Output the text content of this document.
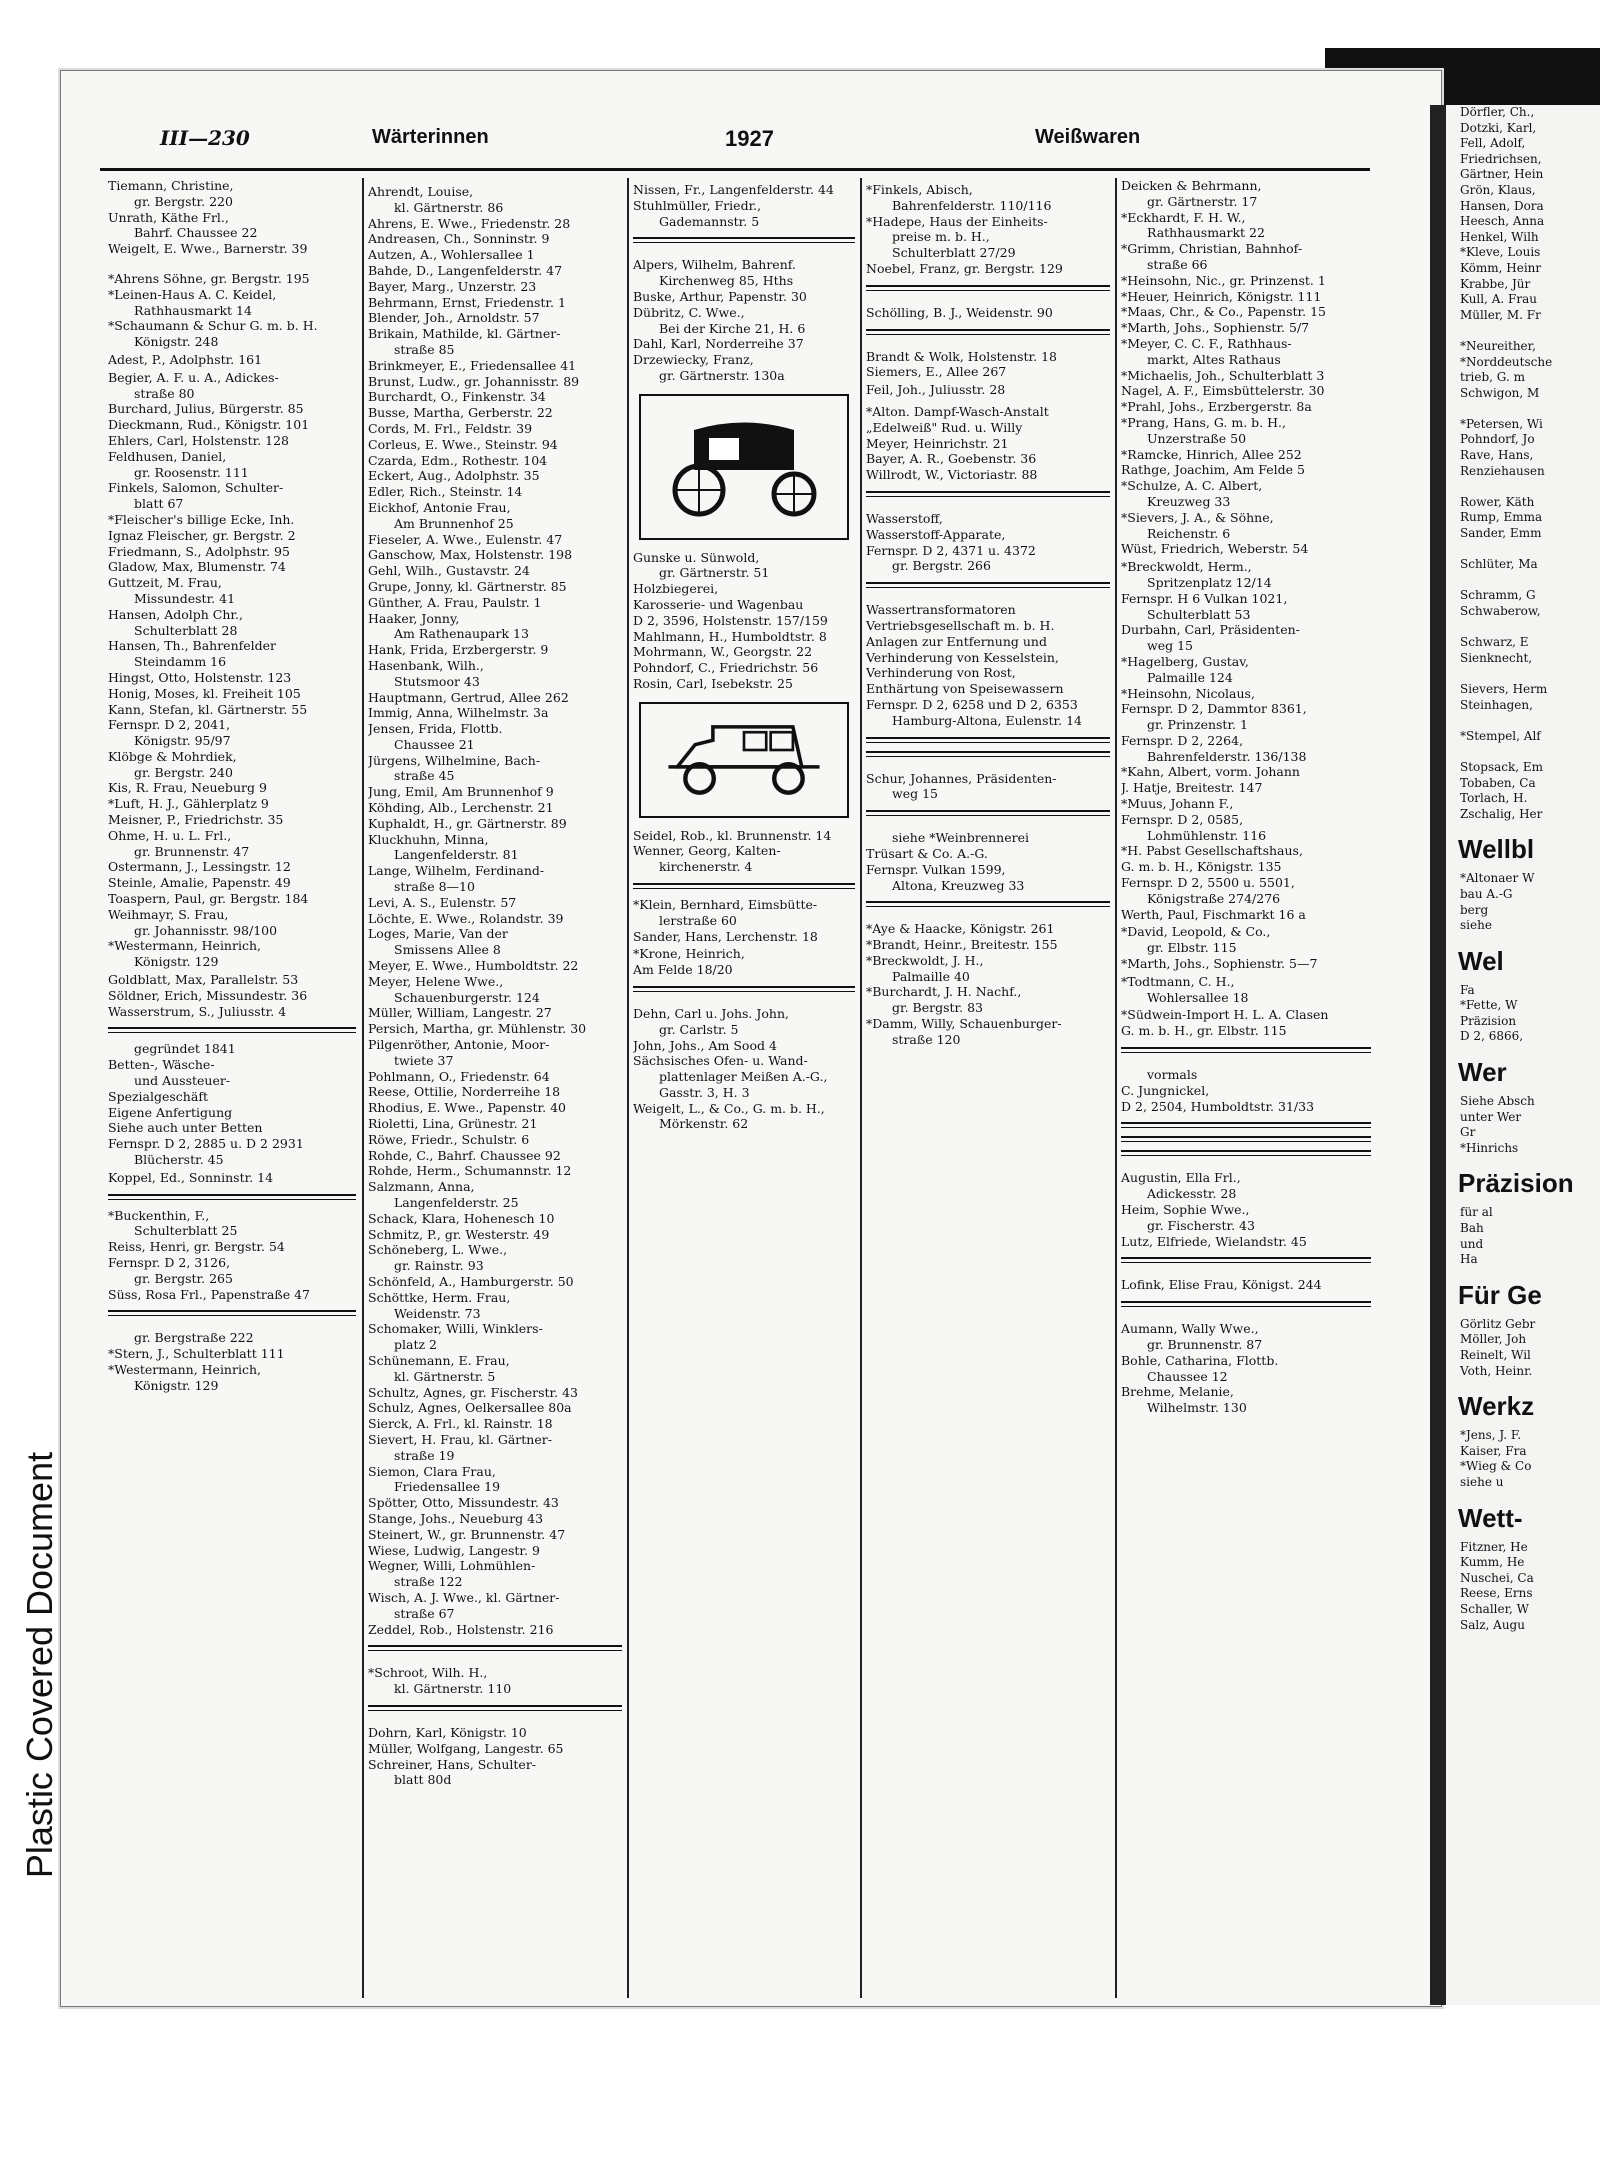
Plastic Covered Document
Dörfler, Ch.,
Dotzki, Karl,
Fell, Adolf,
Friedrichsen,
Gärtner, Hein
Grön, Klaus,
Hansen, Dora
Heesch, Anna
Henkel, Wilh
*Kleve, Louis
Kömm, Heinr
Krabbe, Jür
Kull, A. Frau
Müller, M. Fr

*Neureither,
*Norddeutsche
trieb, G. m
Schwigon, M

*Petersen, Wi
Pohndorf, Jo
Rave, Hans,
Renziehausen

Rower, Käth
Rump, Emma
Sander, Emm

Schlüter, Ma

Schramm, G
Schwaberow,

Schwarz, E
Sienknecht,

Sievers, Herm
Steinhagen,

*Stempel, Alf

Stopsack, Em
Tobaben, Ca
Torlach, H.
Zschalig, Her
Wellbl
*Altonaer W
bau A.-G
berg
siehe
Wel
Fa
*Fette, W
Präzision
D 2, 6866,
Wer
Siehe Absch
unter Wer
Gr
*Hinrichs
Präzision
für al
Bah
und
Ha
Für Ge
Görlitz Gebr
Möller, Joh
Reinelt, Wil
Voth, Heinr.
Werkz
*Jens, J. F.
Kaiser, Fra
*Wieg & Co
siehe u
Wett-
Fitzner, He
Kumm, He
Nuschei, Ca
Reese, Erns
Schaller, W
Salz, Augu
III—230	Wärterinnen	1927	Weißwaren
Tiemann, Christine,
gr. Bergstr. 220
Unrath, Käthe Frl.,
Bahrf. Chaussee 22
Weigelt, E. Wwe., Barnerstr. 39
*Ahrens Söhne, gr. Bergstr. 195
*Leinen-Haus A. C. Keidel,
Rathhausmarkt 14
*Schaumann & Schur G. m. b. H.
Königstr. 248
Adest, P., Adolphstr. 161
Begier, A. F. u. A., Adickes-
straße 80
Burchard, Julius, Bürgerstr. 85
Dieckmann, Rud., Königstr. 101
Ehlers, Carl, Holstenstr. 128
Feldhusen, Daniel,
gr. Roosenstr. 111
Finkels, Salomon, Schulter-
blatt 67
*Fleischer's billige Ecke, Inh.
Ignaz Fleischer, gr. Bergstr. 2
Friedmann, S., Adolphstr. 95
Gladow, Max, Blumenstr. 74
Guttzeit, M. Frau,
Missundestr. 41
Hansen, Adolph Chr.,
Schulterblatt 28
Hansen, Th., Bahrenfelder
Steindamm 16
Hingst, Otto, Holstenstr. 123
Honig, Moses, kl. Freiheit 105
Kann, Stefan, kl. Gärtnerstr. 55
Fernspr. D 2, 2041,
Königstr. 95/97
Klöbge & Mohrdiek,
gr. Bergstr. 240
Kis, R. Frau, Neueburg 9
*Luft, H. J., Gählerplatz 9
Meisner, P., Friedrichstr. 35
Ohme, H. u. L. Frl.,
gr. Brunnenstr. 47
Ostermann, J., Lessingstr. 12
Steinle, Amalie, Papenstr. 49
Toaspern, Paul, gr. Bergstr. 184
Weihmayr, S. Frau,
gr. Johannisstr. 98/100
*Westermann, Heinrich,
Königstr. 129
Goldblatt, Max, Parallelstr. 53
Söldner, Erich, Missundestr. 36
Wasserstrum, S., Juliusstr. 4
gegründet 1841
Betten-, Wäsche-
und Aussteuer-
Spezialgeschäft
Eigene Anfertigung
Siehe auch unter Betten
Fernspr. D 2, 2885 u. D 2 2931
Blücherstr. 45
Koppel, Ed., Sonninstr. 14
*Buckenthin, F.,
Schulterblatt 25
Reiss, Henri, gr. Bergstr. 54
Fernspr. D 2, 3126,
gr. Bergstr. 265
Süss, Rosa Frl., Papenstraße 47
gr. Bergstraße 222
*Stern, J., Schulterblatt 111
*Westermann, Heinrich,
Königstr. 129
Ahrendt, Louise,
kl. Gärtnerstr. 86
Ahrens, E. Wwe., Friedenstr. 28
Andreasen, Ch., Sonninstr. 9
Autzen, A., Wohlersallee 1
Bahde, D., Langenfelderstr. 47
Bayer, Marg., Unzerstr. 23
Behrmann, Ernst, Friedenstr. 1
Blender, Joh., Arnoldstr. 57
Brikain, Mathilde, kl. Gärtner-
straße 85
Brinkmeyer, E., Friedensallee 41
Brunst, Ludw., gr. Johannisstr. 89
Burchardt, O., Finkenstr. 34
Busse, Martha, Gerberstr. 22
Cords, M. Frl., Feldstr. 39
Corleus, E. Wwe., Steinstr. 94
Czarda, Edm., Rothestr. 104
Eckert, Aug., Adolphstr. 35
Edler, Rich., Steinstr. 14
Eickhof, Antonie Frau,
Am Brunnenhof 25
Fieseler, A. Wwe., Eulenstr. 47
Ganschow, Max, Holstenstr. 198
Gehl, Wilh., Gustavstr. 24
Grupe, Jonny, kl. Gärtnerstr. 85
Günther, A. Frau, Paulstr. 1
Haaker, Jonny,
Am Rathenaupark 13
Hank, Frida, Erzbergerstr. 9
Hasenbank, Wilh.,
Stutsmoor 43
Hauptmann, Gertrud, Allee 262
Immig, Anna, Wilhelmstr. 3a
Jensen, Frida, Flottb.
Chaussee 21
Jürgens, Wilhelmine, Bach-
straße 45
Jung, Emil, Am Brunnenhof 9
Köhding, Alb., Lerchenstr. 21
Kuphaldt, H., gr. Gärtnerstr. 89
Kluckhuhn, Minna,
Langenfelderstr. 81
Lange, Wilhelm, Ferdinand-
straße 8—10
Levi, A. S., Eulenstr. 57
Löchte, E. Wwe., Rolandstr. 39
Loges, Marie, Van der
Smissens Allee 8
Meyer, E. Wwe., Humboldtstr. 22
Meyer, Helene Wwe.,
Schauenburgerstr. 124
Müller, William, Langestr. 27
Persich, Martha, gr. Mühlenstr. 30
Pilgenröther, Antonie, Moor-
twiete 37
Pohlmann, O., Friedenstr. 64
Reese, Ottilie, Norderreihe 18
Rhodius, E. Wwe., Papenstr. 40
Rioletti, Lina, Grünestr. 21
Röwe, Friedr., Schulstr. 6
Rohde, C., Bahrf. Chaussee 92
Rohde, Herm., Schumannstr. 12
Salzmann, Anna,
Langenfelderstr. 25
Schack, Klara, Hohenesch 10
Schmitz, P., gr. Westerstr. 49
Schöneberg, L. Wwe.,
gr. Rainstr. 93
Schönfeld, A., Hamburgerstr. 50
Schöttke, Herm. Frau,
Weidenstr. 73
Schomaker, Willi, Winklers-
platz 2
Schünemann, E. Frau,
kl. Gärtnerstr. 5
Schultz, Agnes, gr. Fischerstr. 43
Schulz, Agnes, Oelkersallee 80a
Sierck, A. Frl., kl. Rainstr. 18
Sievert, H. Frau, kl. Gärtner-
straße 19
Siemon, Clara Frau,
Friedensallee 19
Spötter, Otto, Missundestr. 43
Stange, Johs., Neueburg 43
Steinert, W., gr. Brunnenstr. 47
Wiese, Ludwig, Langestr. 9
Wegner, Willi, Lohmühlen-
straße 122
Wisch, A. J. Wwe., kl. Gärtner-
straße 67
Zeddel, Rob., Holstenstr. 216
*Schroot, Wilh. H.,
kl. Gärtnerstr. 110
Dohrn, Karl, Königstr. 10
Müller, Wolfgang, Langestr. 65
Schreiner, Hans, Schulter-
blatt 80d
Nissen, Fr., Langenfelderstr. 44
Stuhlmüller, Friedr.,
Gademannstr. 5
Alpers, Wilhelm, Bahrenf.
Kirchenweg 85, Hths
Buske, Arthur, Papenstr. 30
Dübritz, C. Wwe.,
Bei der Kirche 21, H. 6
Dahl, Karl, Norderreihe 37
Drzewiecky, Franz,
gr. Gärtnerstr. 130a
Gunske u. Sünwold,
gr. Gärtnerstr. 51
Holzbiegerei,
Karosserie- und Wagenbau
D 2, 3596, Holstenstr. 157/159
Mahlmann, H., Humboldtstr. 8
Mohrmann, W., Georgstr. 22
Pohndorf, C., Friedrichstr. 56
Rosin, Carl, Isebekstr. 25
Seidel, Rob., kl. Brunnenstr. 14
Wenner, Georg, Kalten-
kirchenerstr. 4
*Klein, Bernhard, Eimsbütte-
lerstraße 60
Sander, Hans, Lerchenstr. 18
*Krone, Heinrich,
Am Felde 18/20
Dehn, Carl u. Johs. John,
gr. Carlstr. 5
John, Johs., Am Sood 4
Sächsisches Ofen- u. Wand-
plattenlager Meißen A.-G.,
Gasstr. 3, H. 3
Weigelt, L., & Co., G. m. b. H.,
Mörkenstr. 62
*Finkels, Abisch,
Bahrenfelderstr. 110/116
*Hadepe, Haus der Einheits-
preise m. b. H.,
Schulterblatt 27/29
Noebel, Franz, gr. Bergstr. 129
Schölling, B. J., Weidenstr. 90
Brandt & Wolk, Holstenstr. 18
Siemers, E., Allee 267
Feil, Joh., Juliusstr. 28
*Alton. Dampf-Wasch-Anstalt
„Edelweiß" Rud. u. Willy
Meyer, Heinrichstr. 21
Bayer, A. R., Goebenstr. 36
Willrodt, W., Victoriastr. 88
Wasserstoff,
Wasserstoff-Apparate,
Fernspr. D 2, 4371 u. 4372
gr. Bergstr. 266
Wassertransformatoren
Vertriebsgesellschaft m. b. H.
Anlagen zur Entfernung und
Verhinderung von Kesselstein,
Verhinderung von Rost,
Enthärtung von Speisewassern
Fernspr. D 2, 6258 und D 2, 6353
Hamburg-Altona, Eulenstr. 14
Schur, Johannes, Präsidenten-
weg 15
siehe *Weinbrennerei
Trüsart & Co. A.-G.
Fernspr. Vulkan 1599,
Altona, Kreuzweg 33
*Aye & Haacke, Königstr. 261
*Brandt, Heinr., Breitestr. 155
*Breckwoldt, J. H.,
Palmaille 40
*Burchardt, J. H. Nachf.,
gr. Bergstr. 83
*Damm, Willy, Schauenburger-
straße 120
Deicken & Behrmann,
gr. Gärtnerstr. 17
*Eckhardt, F. H. W.,
Rathhausmarkt 22
*Grimm, Christian, Bahnhof-
straße 66
*Heinsohn, Nic., gr. Prinzenst. 1
*Heuer, Heinrich, Königstr. 111
*Maas, Chr., & Co., Papenstr. 15
*Marth, Johs., Sophienstr. 5/7
*Meyer, C. C. F., Rathhaus-
markt, Altes Rathaus
*Michaelis, Joh., Schulterblatt 3
Nagel, A. F., Eimsbüttelerstr. 30
*Prahl, Johs., Erzbergerstr. 8a
*Prang, Hans, G. m. b. H.,
Unzerstraße 50
*Ramcke, Hinrich, Allee 252
Rathge, Joachim, Am Felde 5
*Schulze, A. C. Albert,
Kreuzweg 33
*Sievers, J. A., & Söhne,
Reichenstr. 6
Wüst, Friedrich, Weberstr. 54
*Breckwoldt, Herm.,
Spritzenplatz 12/14
Fernspr. H 6 Vulkan 1021,
Schulterblatt 53
Durbahn, Carl, Präsidenten-
weg 15
*Hagelberg, Gustav,
Palmaille 124
*Heinsohn, Nicolaus,
Fernspr. D 2, Dammtor 8361,
gr. Prinzenstr. 1
Fernspr. D 2, 2264,
Bahrenfelderstr. 136/138
*Kahn, Albert, vorm. Johann
J. Hatje, Breitestr. 147
*Muus, Johann F.,
Fernspr. D 2, 0585,
Lohmühlenstr. 116
*H. Pabst Gesellschaftshaus,
G. m. b. H., Königstr. 135
Fernspr. D 2, 5500 u. 5501,
Königstraße 274/276
Werth, Paul, Fischmarkt 16 a
*David, Leopold, & Co.,
gr. Elbstr. 115
*Marth, Johs., Sophienstr. 5—7
*Todtmann, C. H.,
Wohlersallee 18
*Südwein-Import H. L. A. Clasen
G. m. b. H., gr. Elbstr. 115
vormals
C. Jungnickel,
D 2, 2504, Humboldtstr. 31/33
Augustin, Ella Frl.,
Adickesstr. 28
Heim, Sophie Wwe.,
gr. Fischerstr. 43
Lutz, Elfriede, Wielandstr. 45
Lofink, Elise Frau, Königst. 244
Aumann, Wally Wwe.,
gr. Brunnenstr. 87
Bohle, Catharina, Flottb.
Chaussee 12
Brehme, Melanie,
Wilhelmstr. 130
